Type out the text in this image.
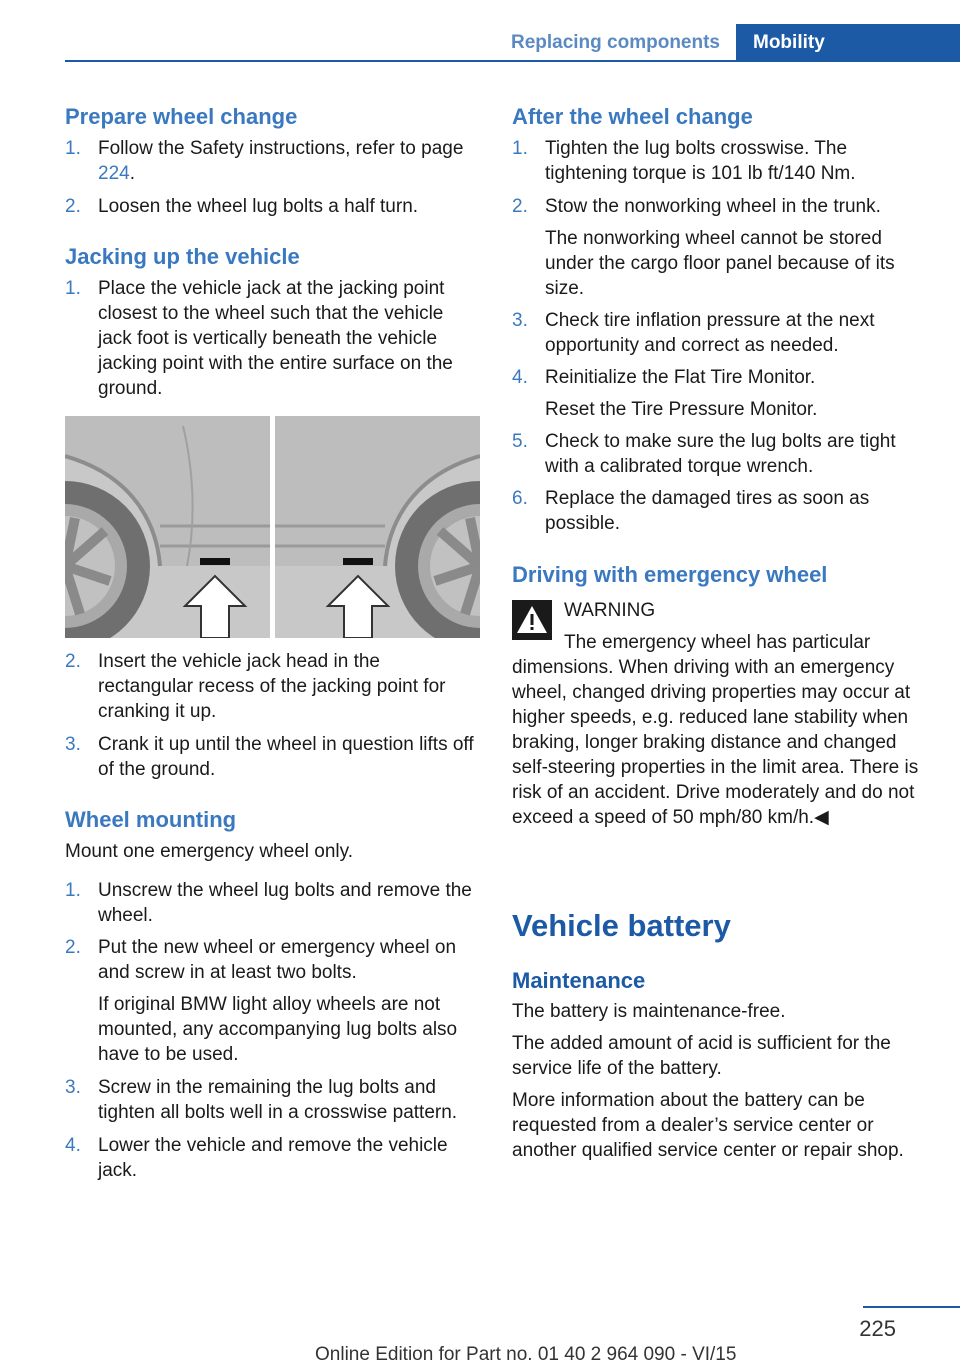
Replacing components	Mobility
Prepare wheel change
1. Follow the Safety instructions, refer to page 224.

2. Loosen the wheel lug bolts a half turn.

Jacking up the vehicle
1. Place the vehicle jack at the jacking point closest to the wheel such that the vehicle jack foot is vertically beneath the vehicle jacking point with the entire surface on the ground.

2. Insert the vehicle jack head in the rectangular recess of the jacking point for cranking it up.

3. Crank it up until the wheel in question lifts off of the ground.

Wheel mounting

Mount one emergency wheel only.

1. Unscrew the wheel lug bolts and remove the wheel.

2. Put the new wheel or emergency wheel on and screw in at least two bolts.

If original BMW light alloy wheels are not mounted, any accompanying lug bolts also have to be used.

3. Screw in the remaining the lug bolts and tighten all bolts well in a crosswise pattern.

4. Lower the vehicle and remove the vehicle jack.

After the wheel change
1. Tighten the lug bolts crosswise. The tightening torque is 101 lb ft/140 Nm.

2. Stow the nonworking wheel in the trunk.

The nonworking wheel cannot be stored under the cargo floor panel because of its size.

3. Check tire inflation pressure at the next opportunity and correct as needed.

4. Reinitialize the Flat Tire Monitor.

Reset the Tire Pressure Monitor.

5. Check to make sure the lug bolts are tight with a calibrated torque wrench.

6. Replace the damaged tires as soon as possible.

Driving with emergency wheel
WARNING

The emergency wheel has particular dimensions. When driving with an emergency wheel, changed driving properties may occur at higher speeds, e.g. reduced lane stability when braking, longer braking distance and changed self-steering properties in the limit area. There is risk of an accident. Drive moderately and do not exceed a speed of 50 mph/80 km/h.◀

Vehicle battery
Maintenance

The battery is maintenance-free.

The added amount of acid is sufficient for the service life of the battery.

More information about the battery can be requested from a dealer’s service center or another qualified service center or repair shop.

225
Online Edition for Part no. 01 40 2 964 090 - VI/15
